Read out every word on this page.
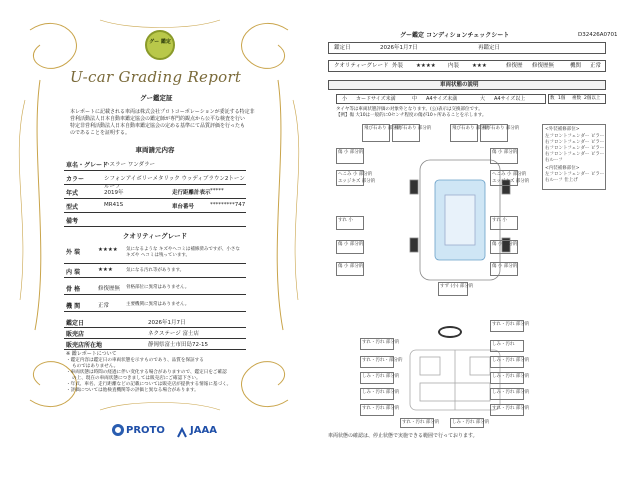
グー 鑑定
U-car Grading Report
グー鑑定証
本レポートに記載される車両は株式会社プロトコーポレーションが委託する特定非
営利活動法人日本自動車鑑定協会の鑑定師が専門的観点から公平な検査を行い
特定非営利活動法人日本自動車鑑定協会の定める基準にて品質評価を行ったも
のであることを証明する。
車両請元内容
車名・グレード
ハスラー ワンダラー
カラー	シフォンアイボリーメタリック ウッディブラウン2トーンルーフ
年式	2019年	走行距離計表示 *****
型式	MR41S	車台番号	*********747
備考
クオリティーグレード
外 装	★★★★ 気になるような キズやヘコミは補修済みですが、小さなキズや ヘコミは残っています。
内 装	★★★	気になる汚れ等があります。
骨 格	修復歴無 骨格部位に異常はありません。
機 関	正常	主要機関に異常はありません。
鑑定日	2026年1月7日
販売店	ネクステージ 富士店
販売店所在地	静岡県富士市田島72-15
※ 鑑レポートについて
・鑑定内容は鑑定日の車両状態を示すものであり、品質を保証する
ものではありません。
・車両状態は時間の経過に伴い変化する場合がありますので、鑑定日をご確認
の上、現在の車両状態につきましては販売店にご確認下さい。
・年式、車名、走行距離などの記載については販売店が提供する情報に基づく。
・評価については他検査機関等の評価と異なる場合があります。
PROTO	JAAA
グー鑑定 コンディションチェックシート	D32426A0701
鑑定日	2026年1月7日	再鑑定日
クオリティーグレード 外装 ★★★★ 内装 ★★★	修復歴 修復歴無	機関 正常
車両状態の説明
小 カードサイズ未満	中 A4サイズ未満	大 A4サイズ以上	数 1個 複数 2個以上
タイヤ等は車両状態評価の対象外となります。(公)表示は交換部位です。
【例】傷 大10は一般的に0センチ程度の傷が10ヶ所あることを示します。
飛び石あり 部分的
飛び石あり 部分的	飛び石あり 部分的
飛び石あり 部分的
傷 小 部分的	傷 小 部分的
へこみ 小 部分的
エッジキズ 部分的
へこみ 小 部分的
エッジキズ 部分的
すれ 小	すれ 小
傷 小 部分的	傷 小 部分的
傷 小 部分的	傷 小 部分的
すず (小) 部分的
<外装補修部位>
左フロントフェンダー ピラー
右フロントフェンダー ピラー
右フロントフェンダー ピラー
右フロントフェンダー ピラー
右ルーフ
<内装補修部位>
左フロントフェンダー ピラー
右ルーフ 仕上げ
すれ・汚れ 部分的
すれ・汚れ 部分的
しみ・汚れ
すれ・汚れ・部分的	しみ・汚れ 部分的
しみ・汚れ 部分的	しみ・汚れ 部分的
しみ・汚れ 部分的	しみ・汚れ 部分的
すれ・汚れ 部分的	すれ・汚れ 部分的
すれ・汚れ 部分的	しみ・汚れ 部分的
車両状態の確認は、停止状態で実施できる範囲で行っております。
